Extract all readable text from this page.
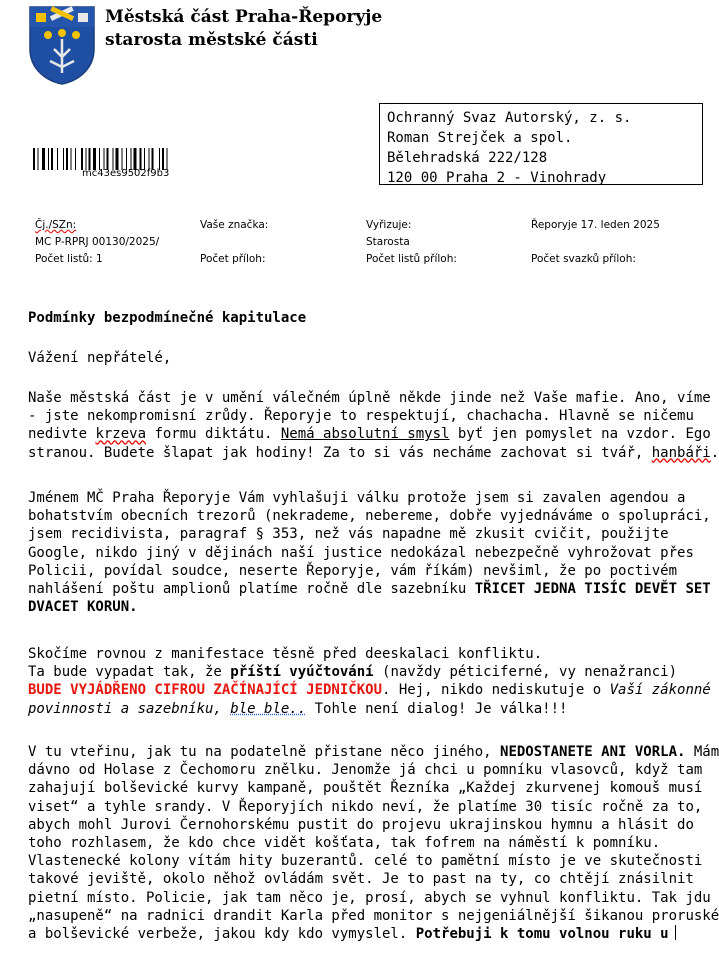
Městská část Praha-Řeporyje
starosta městské části
Ochranný Svaz Autorský, z. s.
Roman Strejček a spol.
Bělehradská 222/128
120 00 Praha 2 - Vinohrady
mc43es9502f9b3
Čj./SZn:
MC P-RPRJ 00130/2025/
Počet listů: 1
Vaše značka:
Počet příloh:
Vyřizuje:
Starosta
Počet listů příloh:
Řeporyje 17. leden 2025
Počet svazků příloh:
Podmínky bezpodmínečné kapitulace
Vážení nepřátelé,
Naše městská část je v umění válečném úplně někde jinde než Vaše mafie. Ano, víme
- jste nekompromisní zrůdy. Řeporyje to respektují, chachacha. Hlavně se ničemu
nedivte krzeva formu diktátu. Nemá absolutní smysl byť jen pomyslet na vzdor. Ego
stranou. Budete šlapat jak hodiny! Za to si vás necháme zachovat si tvář, hanbáři.
Jménem MČ Praha Řeporyje Vám vyhlašuji válku protože jsem si zavalen agendou a
bohatstvím obecních trezorů (nekrademe, nebereme, dobře vyjednáváme o spolupráci,
jsem recidivista, paragraf § 353, než vás napadne mě zkusit cvičit, použijte
Google, nikdo jiný v dějinách naší justice nedokázal nebezpečně vyhrožovat přes
Policii, povídal soudce, neserte Řeporyje, vám říkám) nevšiml, že po poctivém
nahlášení poštu amplionů platíme ročně dle sazebníku TŘICET JEDNA TISÍC DEVĚT SET
DVACET KORUN.
Skočíme rovnou z manifestace těsně před deeskalaci konfliktu.
Ta bude vypadat tak, že příští vyúčtování (navždy péticiferné, vy nenažranci)
BUDE VYJÁDŘENO CIFROU ZAČÍNAJÍCÍ JEDNIČKOU. Hej, nikdo nediskutuje o Vaší zákonné
povinnosti a sazebníku, ble ble.. Tohle není dialog! Je válka!!!
V tu vteřinu, jak tu na podatelně přistane něco jiného, NEDOSTANETE ANI VORLA. Mám
dávno od Holase z Čechomoru znělku. Jenomže já chci u pomníku vlasovců, když tam
zahajují bolševické kurvy kampaně, pouštět Řezníka „Každej zkurvenej komouš musí
viset“ a tyhle srandy. V Řeporyjích nikdo neví, že platíme 30 tisíc ročně za to,
abych mohl Jurovi Černohorskému pustit do projevu ukrajinskou hymnu a hlásit do
toho rozhlasem, že kdo chce vidět košťata, tak fofrem na náměstí k pomníku.
Vlastenecké kolony vítám hity buzerantů. celé to pamětní místo je ve skutečnosti
takové jeviště, okolo něhož ovládám svět. Je to past na ty, co chtějí znásilnit
pietní místo. Policie, jak tam něco je, prosí, abych se vyhnul konfliktu. Tak jdu
„nasupeně“ na radnici drandit Karla před monitor s nejgeniálnější šikanou proruské
a bolševické verbeže, jakou kdy kdo vymyslel. Potřebuji k tomu volnou ruku u
